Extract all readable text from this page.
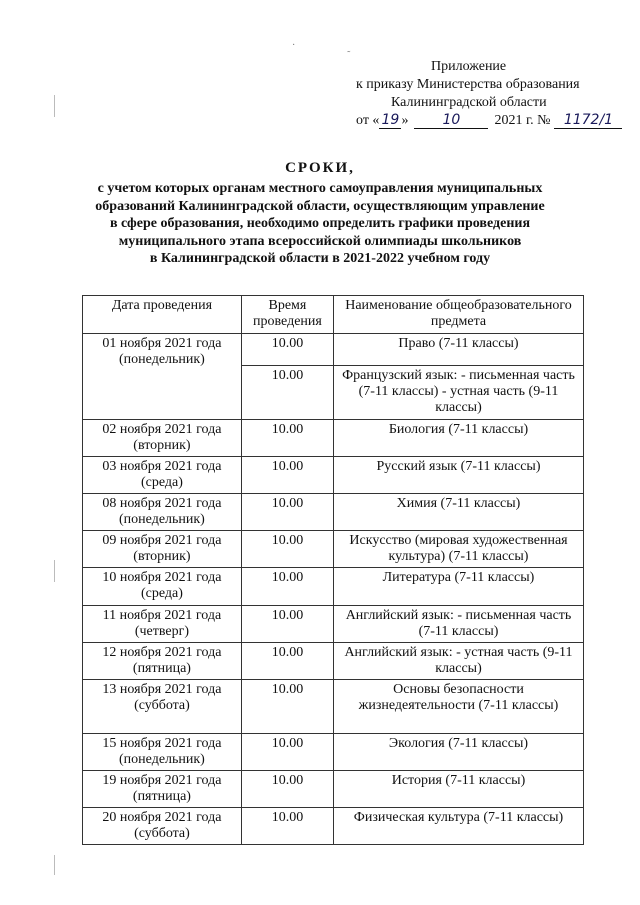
·	˷
Приложение
к приказу Министерства образования
Калининградской области
от « 19 »	10	2021 г. № 1172/1
СРОКИ,
с учетом которых органам местного самоуправления муниципальных
образований Калининградской области, осуществляющим управление
в сфере образования, необходимо определить графики проведения
муниципального этапа всероссийской олимпиады школьников
в Калининградской области в 2021-2022 учебном году
Дата проведения	Время проведения	Наименование общеобразовательного предмета
01 ноября 2021 года (понедельник)	10.00	Право (7-11 классы)
	10.00	Французский язык: - письменная часть (7-11 классы) - устная часть (9-11 классы)
02 ноября 2021 года (вторник)	10.00	Биология (7-11 классы)
03 ноября 2021 года (среда)	10.00	Русский язык (7-11 классы)
08 ноября 2021 года (понедельник)	10.00	Химия (7-11 классы)
09 ноября 2021 года (вторник)	10.00	Искусство (мировая художественная культура) (7-11 классы)
10 ноября 2021 года (среда)	10.00	Литература (7-11 классы)
11 ноября 2021 года (четверг)	10.00	Английский язык: - письменная часть (7-11 классы)
12 ноября 2021 года (пятница)	10.00	Английский язык: - устная часть (9-11 классы)
13 ноября 2021 года (суббота)	10.00	Основы безопасности жизнедеятельности (7-11 классы)
15 ноября 2021 года (понедельник)	10.00	Экология (7-11 классы)
19 ноября 2021 года (пятница)	10.00	История (7-11 классы)
20 ноября 2021 года (суббота)	10.00	Физическая культура (7-11 классы)
